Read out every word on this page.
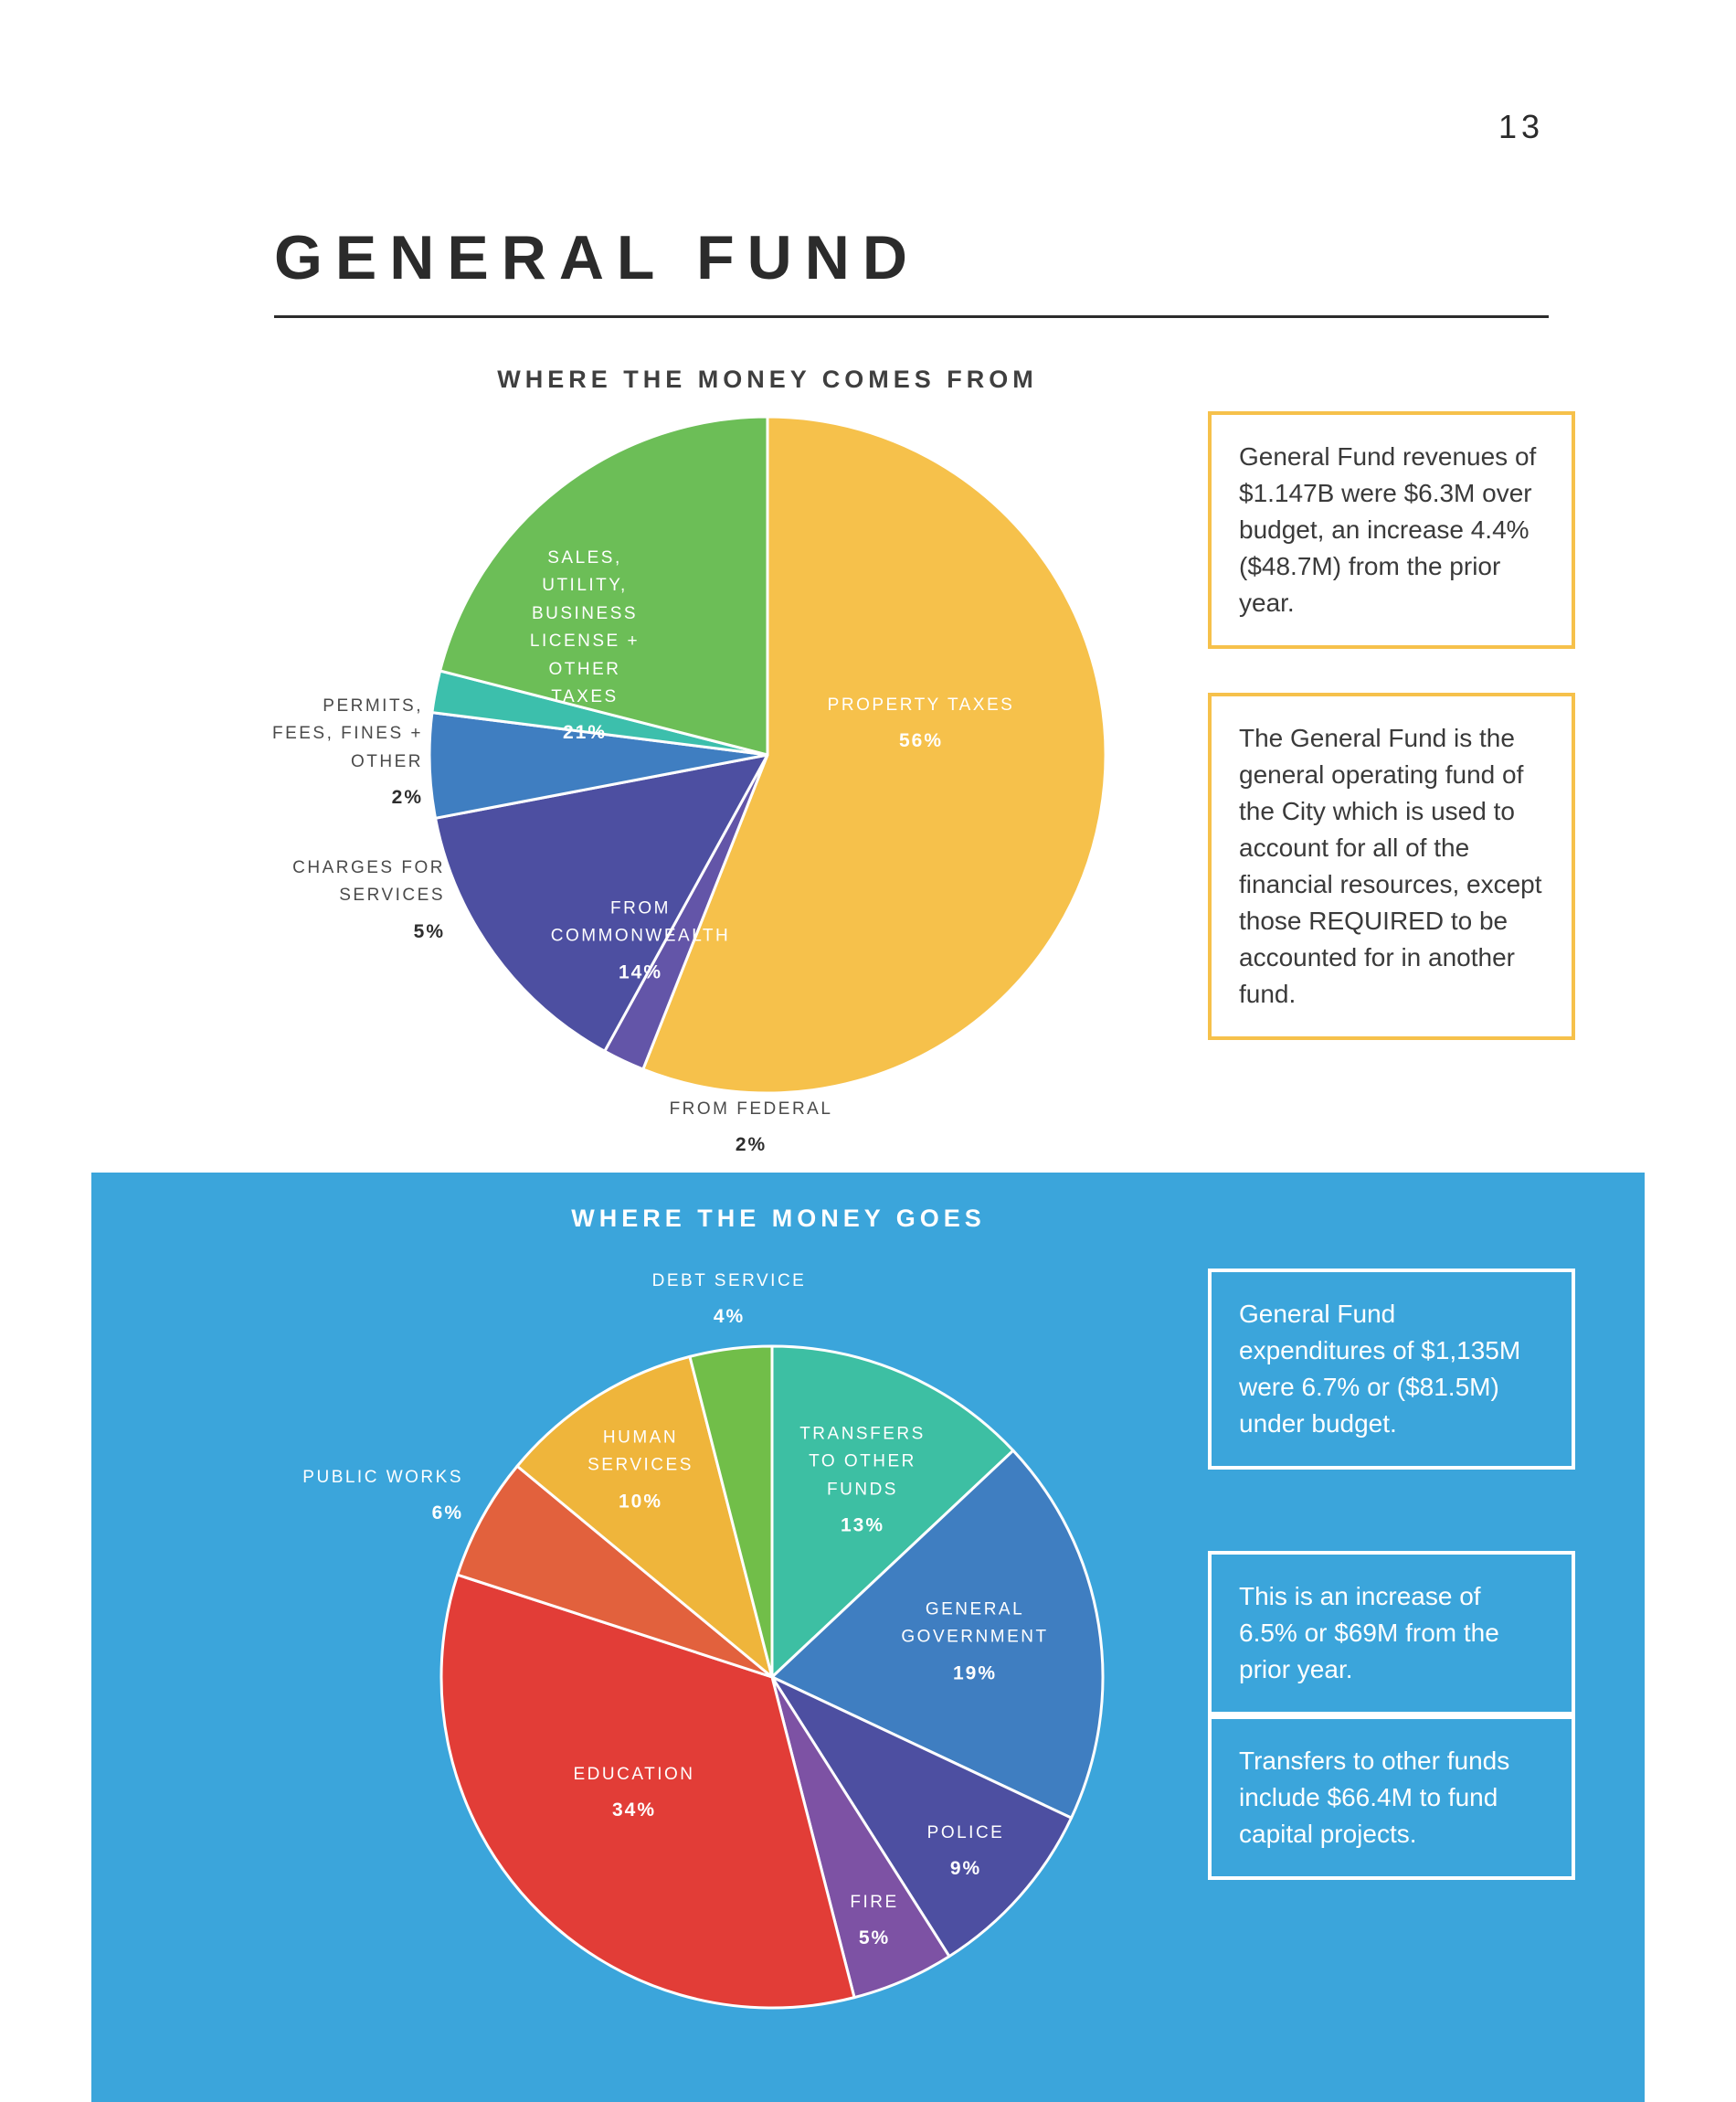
13
GENERAL FUND
WHERE THE MONEY COMES FROM
PROPERTY TAXES
56%
SALES, UTILITY, BUSINESS LICENSE + OTHER TAXES
21%
FROM COMMONWEALTH
14%
PERMITS, FEES, FINES + OTHER
2%
CHARGES FOR SERVICES
5%
FROM FEDERAL
2%
General Fund revenues of $1.147B were $6.3M over budget, an increase 4.4% ($48.7M) from the prior year.
The General Fund is the general operating fund of the City which is used to account for all of the financial resources, except those REQUIRED to be accounted for in another fund.
WHERE THE MONEY GOES
DEBT SERVICE
4%
TRANSFERS TO OTHER FUNDS
13%
GENERAL GOVERNMENT
19%
POLICE
9%
FIRE
5%
EDUCATION
34%
PUBLIC WORKS
6%
HUMAN SERVICES
10%
General Fund expenditures of $1,135M were 6.7% or ($81.5M) under budget.
This is an increase of 6.5% or $69M from the prior year.
Transfers to other funds include $66.4M to fund capital projects.
